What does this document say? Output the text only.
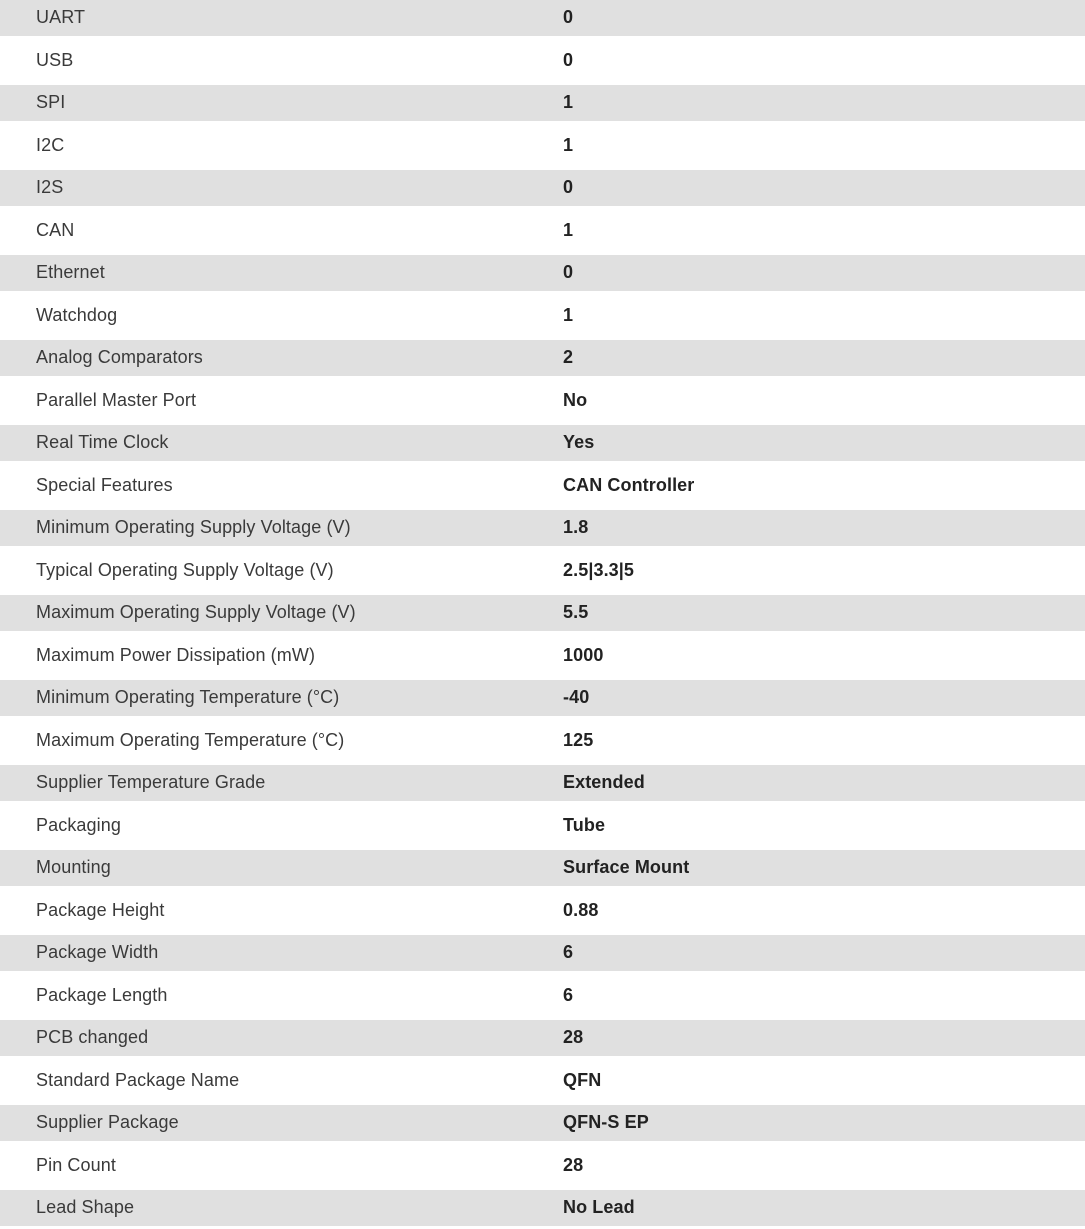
UART	0
USB	0
SPI	1
I2C	1
I2S	0
CAN	1
Ethernet	0
Watchdog	1
Analog Comparators	2
Parallel Master Port	No
Real Time Clock	Yes
Special Features	CAN Controller
Minimum Operating Supply Voltage (V)	1.8
Typical Operating Supply Voltage (V)	2.5|3.3|5
Maximum Operating Supply Voltage (V)	5.5
Maximum Power Dissipation (mW)	1000
Minimum Operating Temperature (°C)	-40
Maximum Operating Temperature (°C)	125
Supplier Temperature Grade	Extended
Packaging	Tube
Mounting	Surface Mount
Package Height	0.88
Package Width	6
Package Length	6
PCB changed	28
Standard Package Name	QFN
Supplier Package	QFN-S EP
Pin Count	28
Lead Shape	No Lead
